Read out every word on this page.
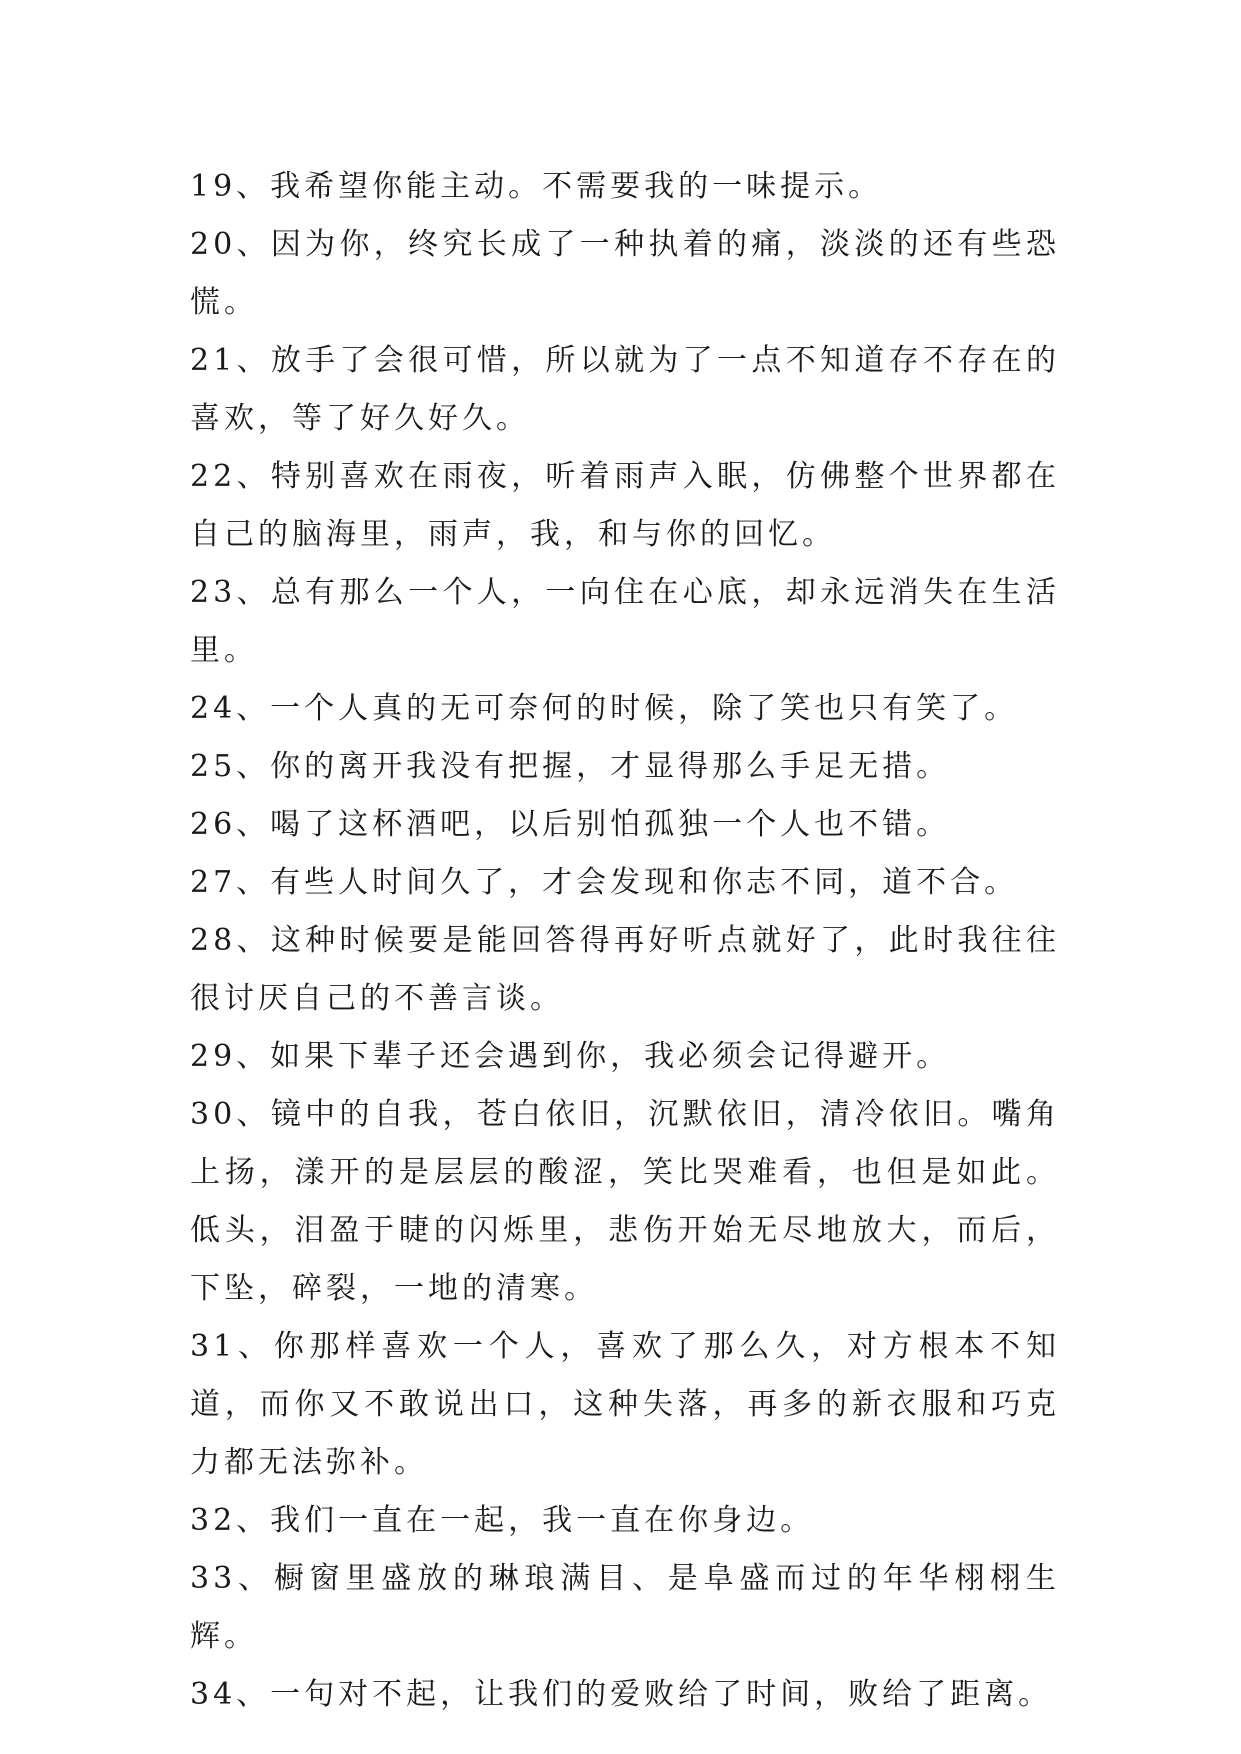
19、我希望你能主动。不需要我的一味提示。

20、因为你，终究长成了一种执着的痛，淡淡的还有些恐慌。

21、放手了会很可惜，所以就为了一点不知道存不存在的喜欢，等了好久好久。

22、特别喜欢在雨夜，听着雨声入眠，仿佛整个世界都在自己的脑海里，雨声，我，和与你的回忆。

23、总有那么一个人，一向住在心底，却永远消失在生活里。

24、一个人真的无可奈何的时候，除了笑也只有笑了。

25、你的离开我没有把握，才显得那么手足无措。

26、喝了这杯酒吧，以后别怕孤独一个人也不错。

27、有些人时间久了，才会发现和你志不同，道不合。

28、这种时候要是能回答得再好听点就好了，此时我往往很讨厌自己的不善言谈。

29、如果下辈子还会遇到你，我必须会记得避开。

30、镜中的自我，苍白依旧，沉默依旧，清冷依旧。嘴角上扬，漾开的是层层的酸涩，笑比哭难看，也但是如此。低头，泪盈于睫的闪烁里，悲伤开始无尽地放大，而后，下坠，碎裂，一地的清寒。

31、你那样喜欢一个人，喜欢了那么久，对方根本不知道，而你又不敢说出口，这种失落，再多的新衣服和巧克力都无法弥补。

32、我们一直在一起，我一直在你身边。

33、橱窗里盛放的琳琅满目、是阜盛而过的年华栩栩生辉。

34、一句对不起，让我们的爱败给了时间，败给了距离。
